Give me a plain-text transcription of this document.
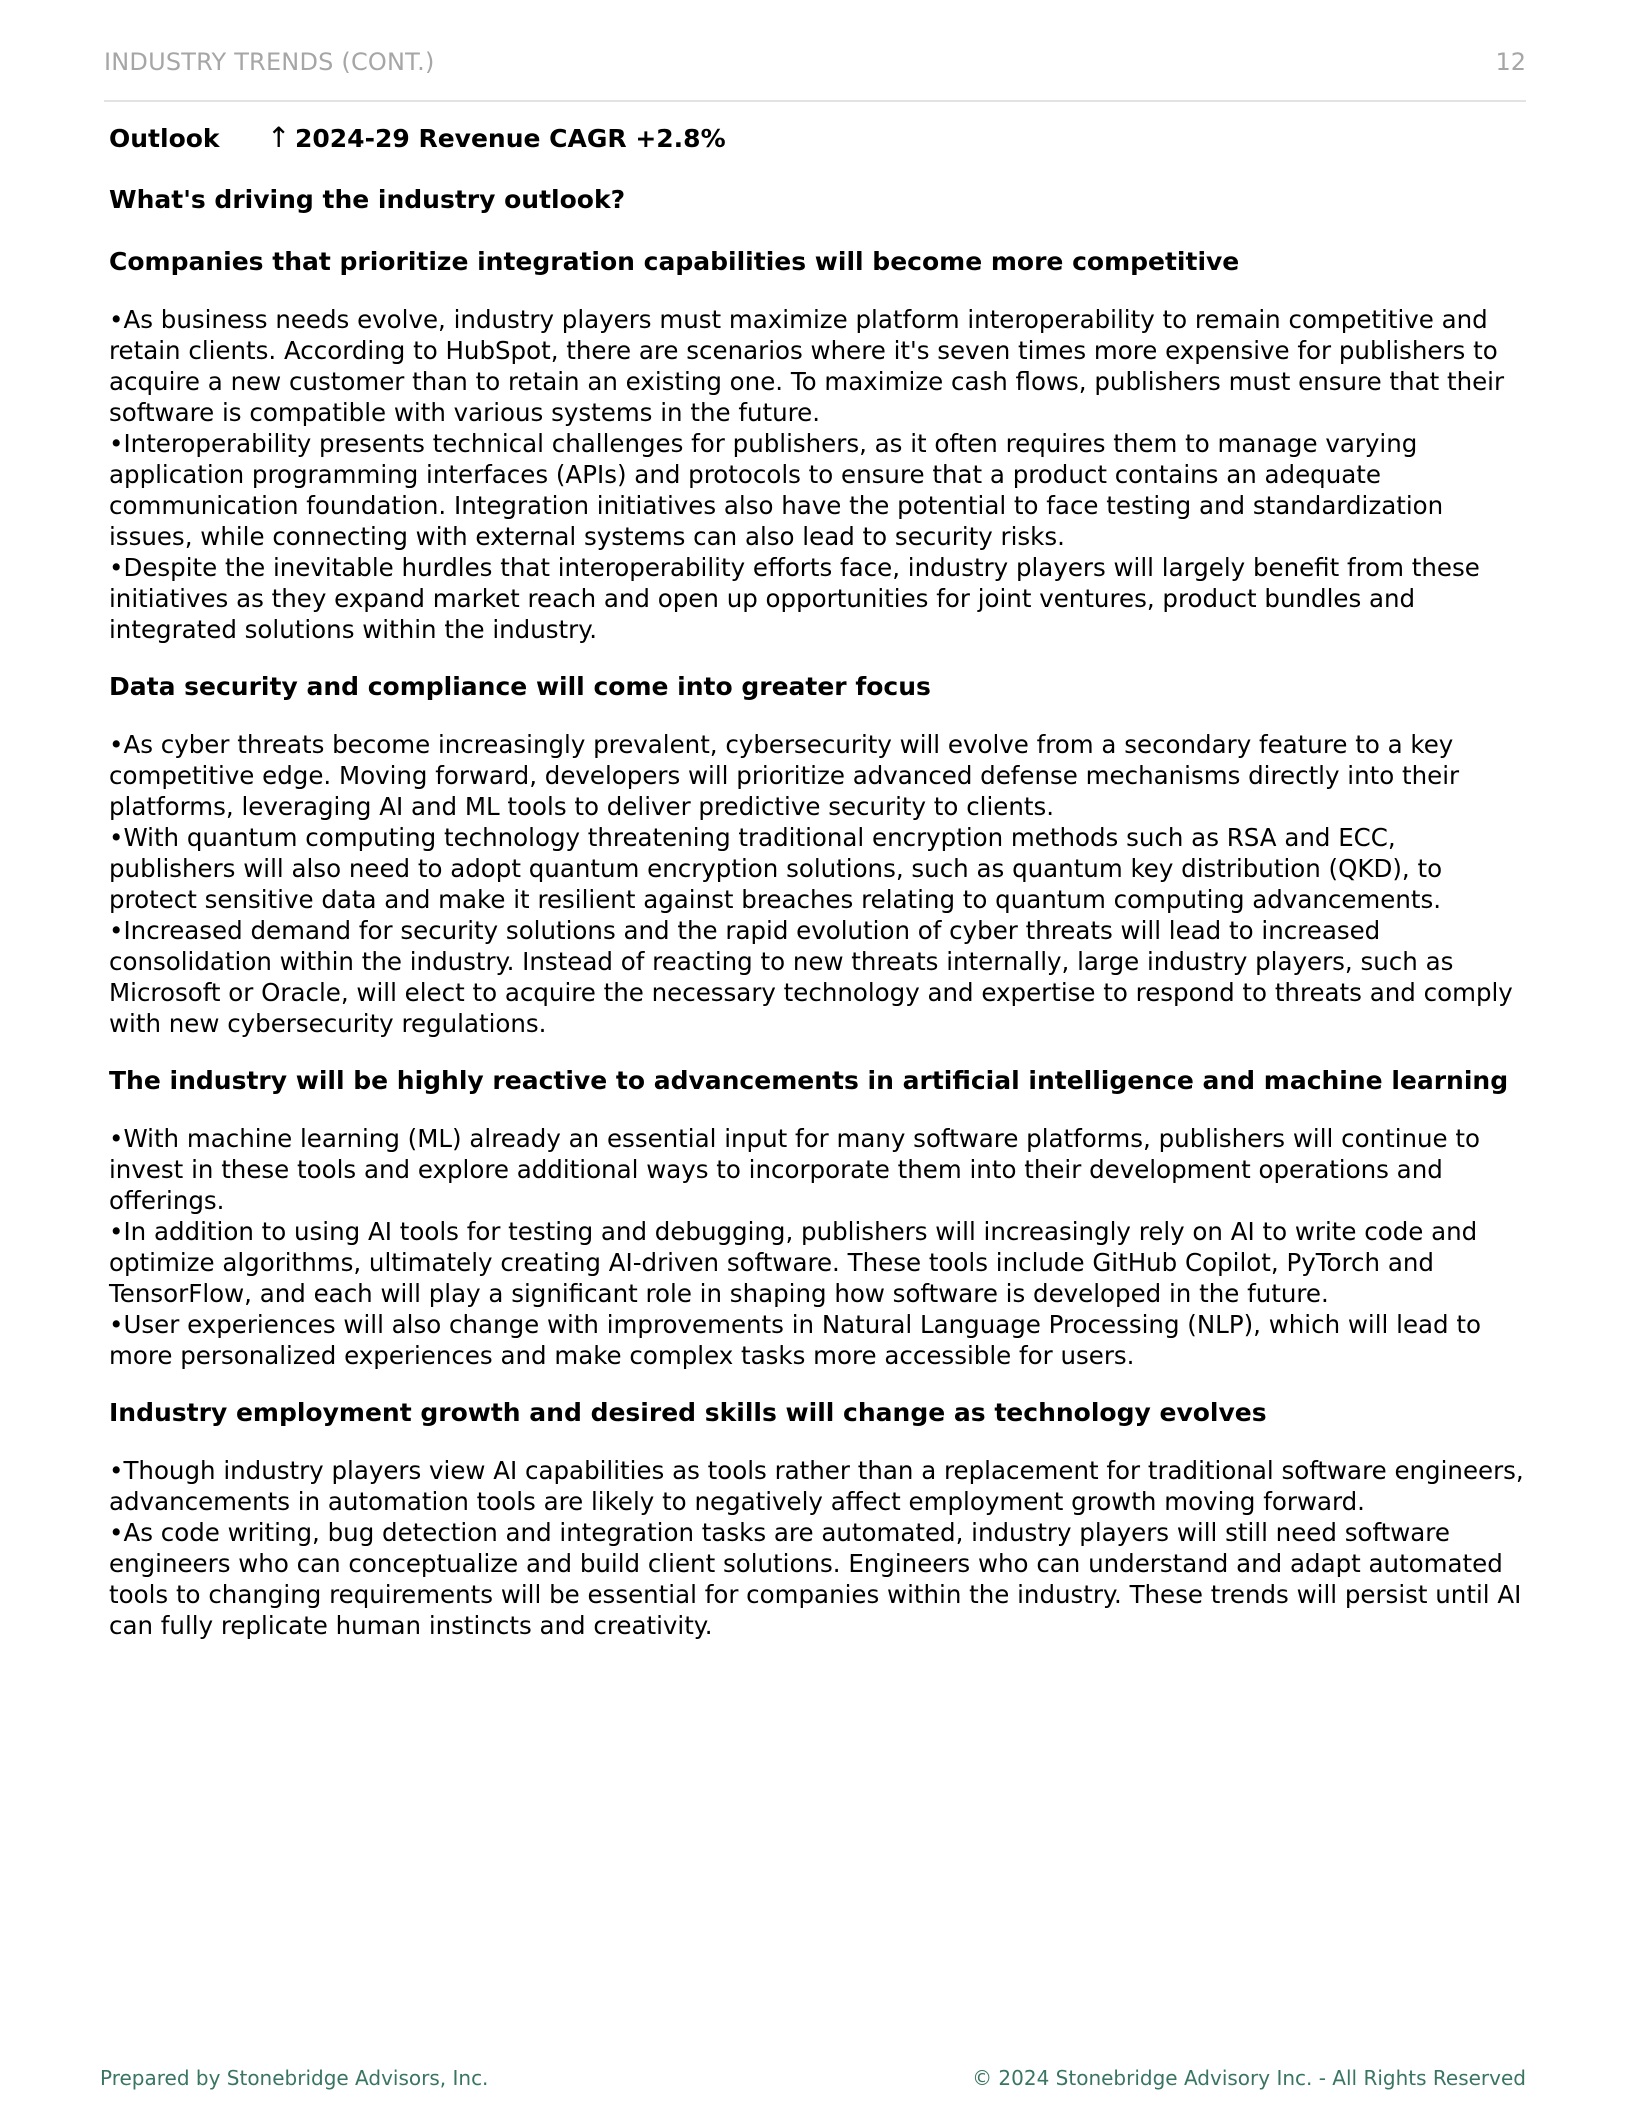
INDUSTRY TRENDS (CONT.)	12
Outlook	↑ 2024-29 Revenue CAGR +2.8%
What's driving the industry outlook?
Companies that prioritize integration capabilities will become more competitive

•As business needs evolve, industry players must maximize platform interoperability to remain competitive and retain clients. According to HubSpot, there are scenarios where it's seven times more expensive for publishers to acquire a new customer than to retain an existing one. To maximize cash flows, publishers must ensure that their software is compatible with various systems in the future.

•Interoperability presents technical challenges for publishers, as it often requires them to manage varying application programming interfaces (APIs) and protocols to ensure that a product contains an adequate communication foundation. Integration initiatives also have the potential to face testing and standardization issues, while connecting with external systems can also lead to security risks.

•Despite the inevitable hurdles that interoperability efforts face, industry players will largely benefit from these initiatives as they expand market reach and open up opportunities for joint ventures, product bundles and integrated solutions within the industry.

Data security and compliance will come into greater focus

•As cyber threats become increasingly prevalent, cybersecurity will evolve from a secondary feature to a key competitive edge. Moving forward, developers will prioritize advanced defense mechanisms directly into their platforms, leveraging AI and ML tools to deliver predictive security to clients.

•With quantum computing technology threatening traditional encryption methods such as RSA and ECC, publishers will also need to adopt quantum encryption solutions, such as quantum key distribution (QKD), to protect sensitive data and make it resilient against breaches relating to quantum computing advancements.

•Increased demand for security solutions and the rapid evolution of cyber threats will lead to increased consolidation within the industry. Instead of reacting to new threats internally, large industry players, such as Microsoft or Oracle, will elect to acquire the necessary technology and expertise to respond to threats and comply with new cybersecurity regulations.

The industry will be highly reactive to advancements in artificial intelligence and machine learning

•With machine learning (ML) already an essential input for many software platforms, publishers will continue to invest in these tools and explore additional ways to incorporate them into their development operations and offerings.

•In addition to using AI tools for testing and debugging, publishers will increasingly rely on AI to write code and optimize algorithms, ultimately creating AI-driven software. These tools include GitHub Copilot, PyTorch and TensorFlow, and each will play a significant role in shaping how software is developed in the future.

•User experiences will also change with improvements in Natural Language Processing (NLP), which will lead to more personalized experiences and make complex tasks more accessible for users.

Industry employment growth and desired skills will change as technology evolves

•Though industry players view AI capabilities as tools rather than a replacement for traditional software engineers, advancements in automation tools are likely to negatively affect employment growth moving forward.

•As code writing, bug detection and integration tasks are automated, industry players will still need software engineers who can conceptualize and build client solutions. Engineers who can understand and adapt automated tools to changing requirements will be essential for companies within the industry. These trends will persist until AI can fully replicate human instincts and creativity.

Prepared by Stonebridge Advisors, Inc.	© 2024 Stonebridge Advisory Inc. - All Rights Reserved
